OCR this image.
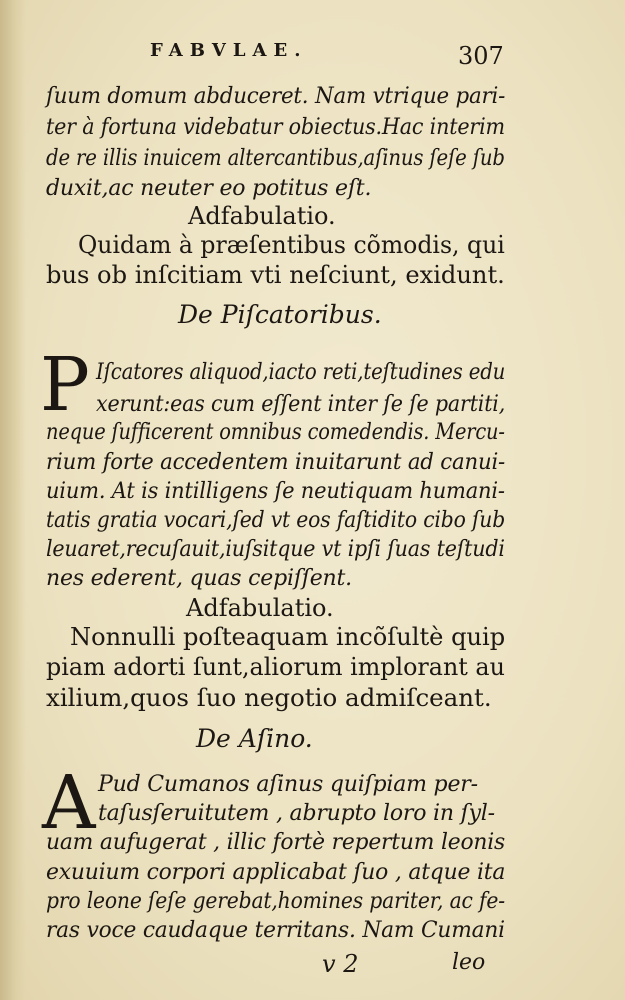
FABVLAE.	307
ſuum domum abduceret. Nam vtrique pari-
ter à fortuna videbatur obiectus.Hac interim
de re illis inuicem altercantibus,aſinus ſeſe ſub
duxit,ac neuter eo potitus eſt.
Adfabulatio.
Quidam à præſentibus cõmodis, qui
bus ob inſcitiam vti neſciunt, exidunt.
De Piſcatoribus.
P Iſcatores aliquod,iacto reti,teſtudines edu
xerunt:eas cum eſſent inter ſe ſe partiti,
neque ſufficerent omnibus comedendis. Mercu-
rium forte accedentem inuitarunt ad canui-
uium. At is intilligens ſe neutiquam humani-
tatis gratia vocari,ſed vt eos faſtidito cibo ſub
leuaret,recuſauit,iuſsitque vt ipſi ſuas teſtudi
nes ederent, quas cepiſſent.
Adfabulatio.
Nonnulli poſteaquam incõſultè quip
piam adorti ſunt,aliorum implorant au
xilium,quos ſuo negotio admiſceant.
De Aſino.
A Pud Cumanos aſinus quiſpiam per-
taſusſeruitutem , abrupto loro in ſyl-
uam aufugerat , illic fortè repertum leonis
exuuium corpori applicabat ſuo , atque ita
pro leone ſeſe gerebat,homines pariter, ac fe-
ras voce caudaque territans. Nam Cumani
v 2	leo
